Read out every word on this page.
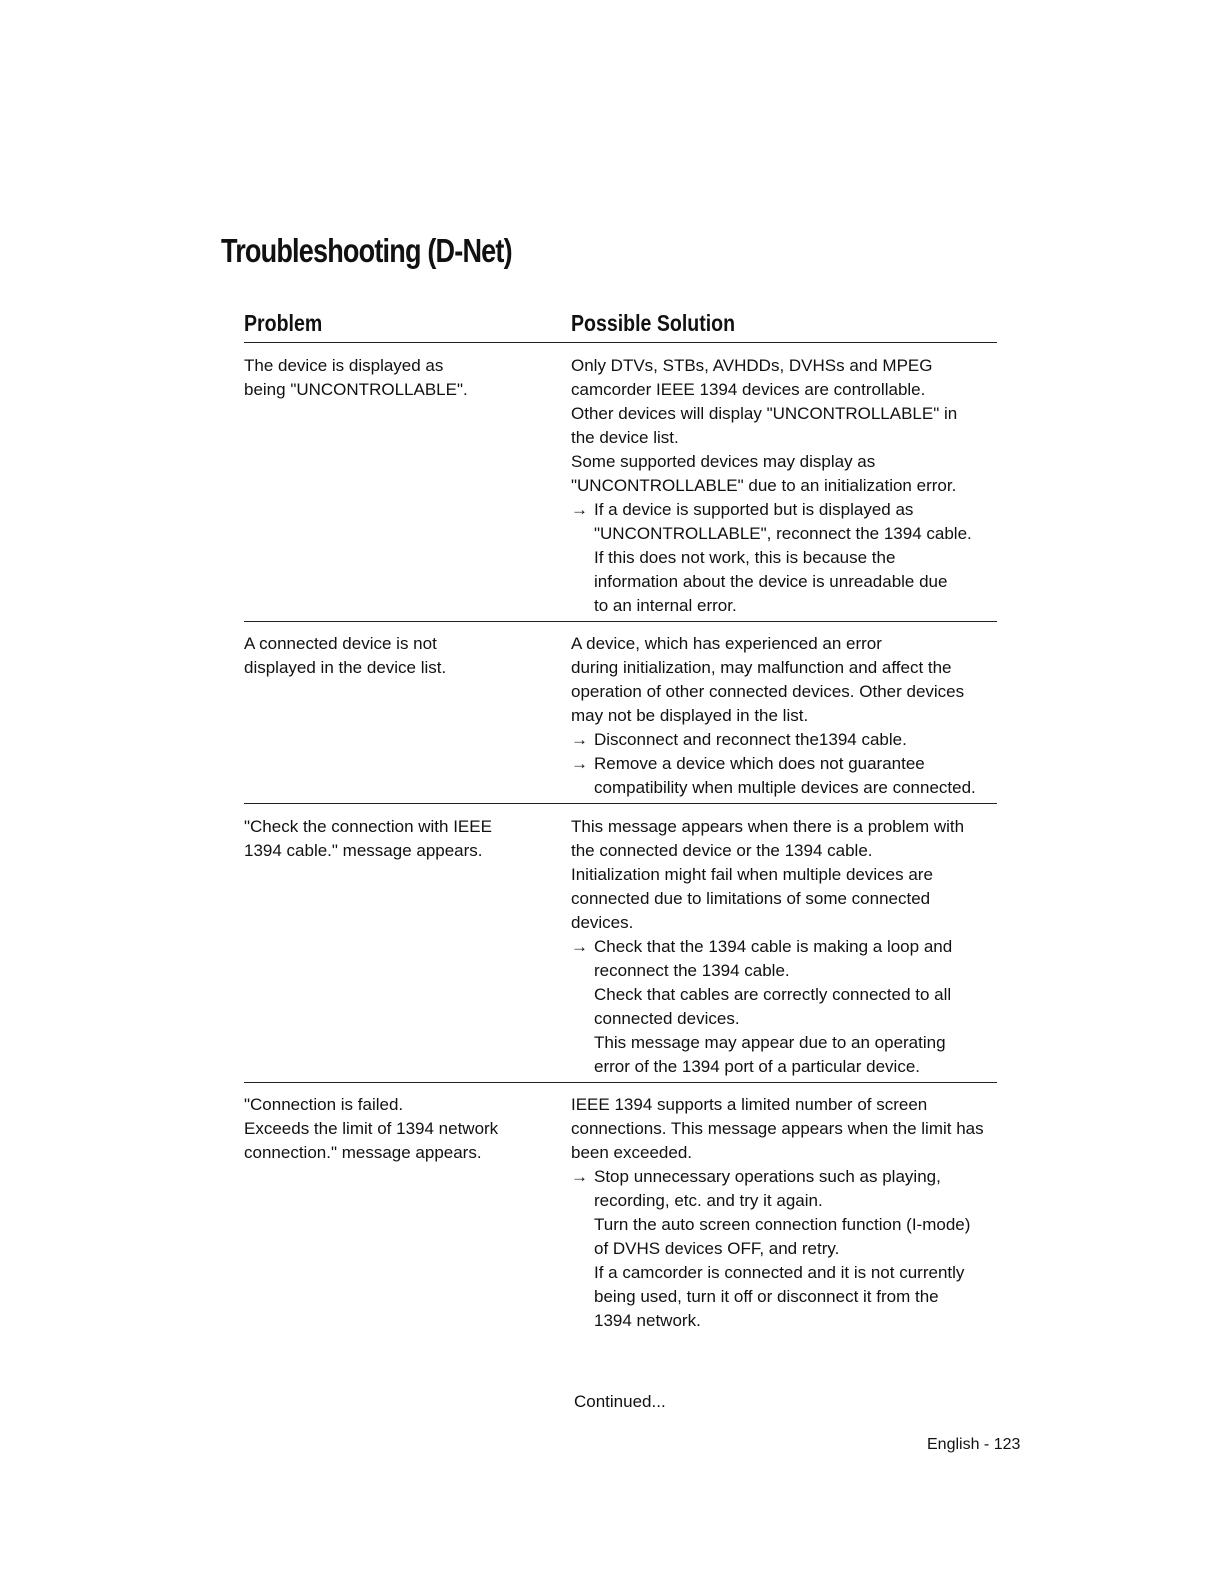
Troubleshooting (D-Net)
Problem	Possible Solution
The device is displayed as
being "UNCONTROLLABLE".
Only DTVs, STBs, AVHDDs, DVHSs and MPEG
camcorder IEEE 1394 devices are controllable.
Other devices will display "UNCONTROLLABLE" in
the device list.
Some supported devices may display as
"UNCONTROLLABLE" due to an initialization error.
→ If a device is supported but is displayed as
"UNCONTROLLABLE", reconnect the 1394 cable.
If this does not work, this is because the
information about the device is unreadable due
to an internal error.
A connected device is not
displayed in the device list.
A device, which has experienced an error
during initialization, may malfunction and affect the
operation of other connected devices. Other devices
may not be displayed in the list.
→ Disconnect and reconnect the1394 cable.
→ Remove a device which does not guarantee
compatibility when multiple devices are connected.
"Check the connection with IEEE
1394 cable." message appears.
This message appears when there is a problem with
the connected device or the 1394 cable.
Initialization might fail when multiple devices are
connected due to limitations of some connected
devices.
→ Check that the 1394 cable is making a loop and
reconnect the 1394 cable.
Check that cables are correctly connected to all
connected devices.
This message may appear due to an operating
error of the 1394 port of a particular device.
"Connection is failed.
Exceeds the limit of 1394 network
connection." message appears.
IEEE 1394 supports a limited number of screen
connections. This message appears when the limit has
been exceeded.
→ Stop unnecessary operations such as playing,
recording, etc. and try it again.
Turn the auto screen connection function (I-mode)
of DVHS devices OFF, and retry.
If a camcorder is connected and it is not currently
being used, turn it off or disconnect it from the
1394 network.
Continued...
English - 123
